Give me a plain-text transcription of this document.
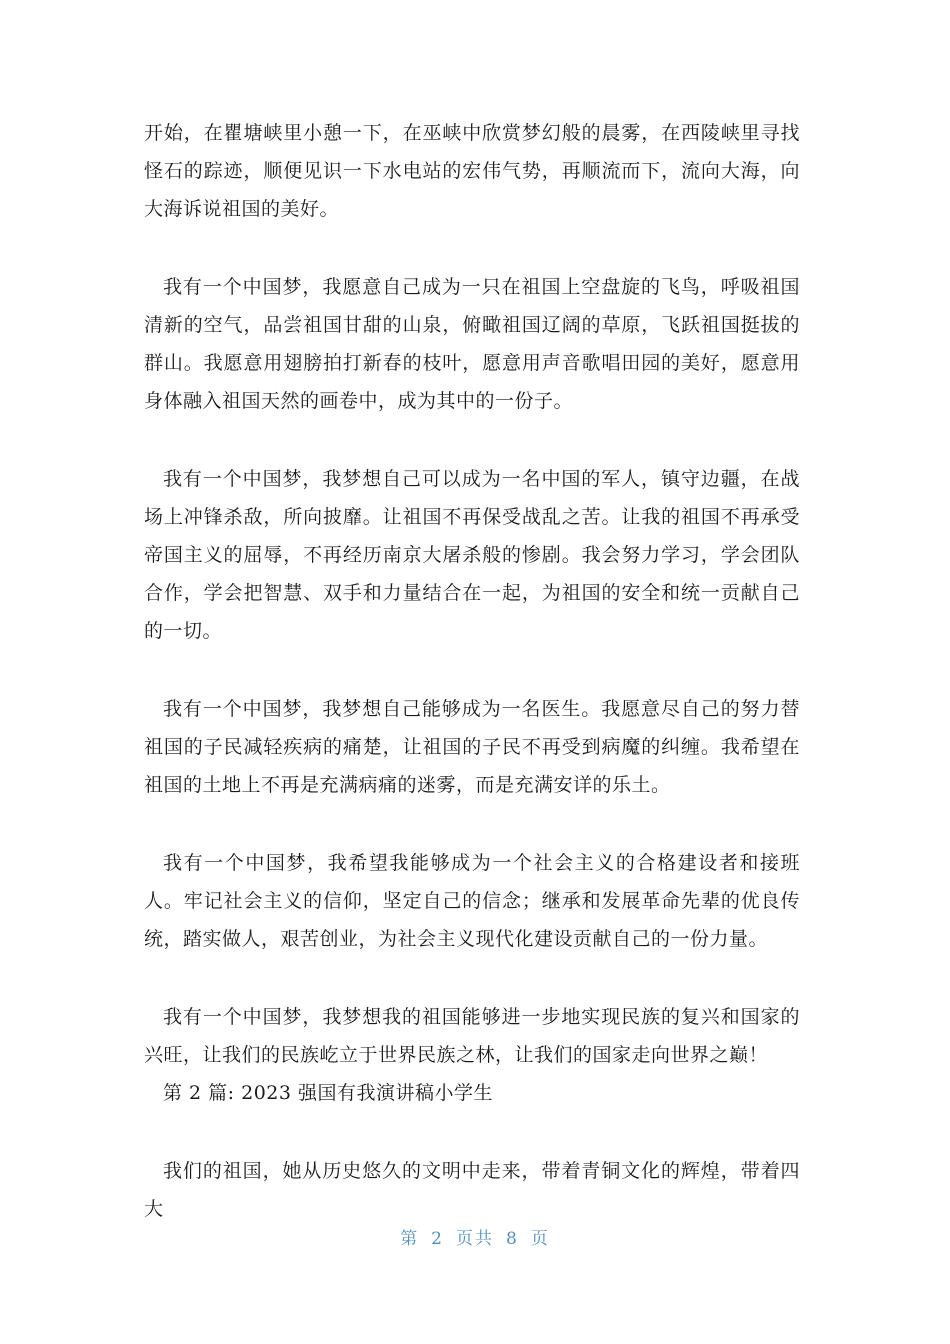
开始，在瞿塘峡里小憩一下，在巫峡中欣赏梦幻般的晨雾，在西陵峡里寻找怪石的踪迹，顺便见识一下水电站的宏伟气势，再顺流而下，流向大海，向大海诉说祖国的美好。

我有一个中国梦，我愿意自己成为一只在祖国上空盘旋的飞鸟，呼吸祖国清新的空气，品尝祖国甘甜的山泉，俯瞰祖国辽阔的草原，飞跃祖国挺拔的群山。我愿意用翅膀拍打新春的枝叶，愿意用声音歌唱田园的美好，愿意用身体融入祖国天然的画卷中，成为其中的一份子。

我有一个中国梦，我梦想自己可以成为一名中国的军人，镇守边疆，在战场上冲锋杀敌，所向披靡。让祖国不再保受战乱之苦。让我的祖国不再承受帝国主义的屈辱，不再经历南京大屠杀般的惨剧。我会努力学习，学会团队合作，学会把智慧、双手和力量结合在一起，为祖国的安全和统一贡献自己的一切。

我有一个中国梦，我梦想自己能够成为一名医生。我愿意尽自己的努力替祖国的子民减轻疾病的痛楚，让祖国的子民不再受到病魔的纠缠。我希望在祖国的土地上不再是充满病痛的迷雾，而是充满安详的乐土。

我有一个中国梦，我希望我能够成为一个社会主义的合格建设者和接班人。牢记社会主义的信仰，坚定自己的信念；继承和发展革命先辈的优良传统，踏实做人，艰苦创业，为社会主义现代化建设贡献自己的一份力量。

我有一个中国梦，我梦想我的祖国能够进一步地实现民族的复兴和国家的兴旺，让我们的民族屹立于世界民族之林，让我们的国家走向世界之巅！

第 2 篇: 2023 强国有我演讲稿小学生

我们的祖国，她从历史悠久的文明中走来，带着青铜文化的辉煌，带着四大

第 2 页共 8 页
